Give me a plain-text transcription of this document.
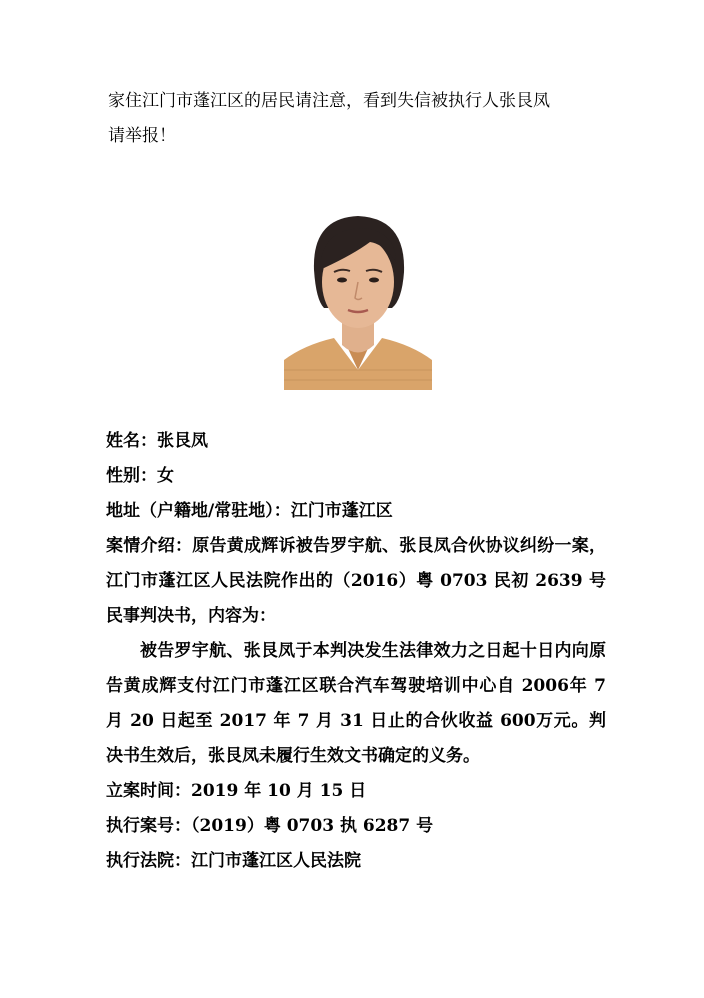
家住江门市蓬江区的居民请注意，看到失信被执行人张艮凤
请举报！
姓名：张艮凤
性别：女
地址（户籍地/常驻地）：江门市蓬江区
案情介绍：原告黄成辉诉被告罗宇航、张艮凤合伙协议纠纷一案，江门市蓬江区人民法院作出的（2016）粤 0703 民初 2639 号民事判决书，内容为：
被告罗宇航、张艮凤于本判决发生法律效力之日起十日内向原告黄成辉支付江门市蓬江区联合汽车驾驶培训中心自 2006年 7 月 20 日起至 2017 年 7 月 31 日止的合伙收益 600万元。判决书生效后，张艮凤未履行生效文书确定的义务。
立案时间：2019 年 10 月 15 日
执行案号：（2019）粤 0703 执 6287 号
执行法院：江门市蓬江区人民法院
